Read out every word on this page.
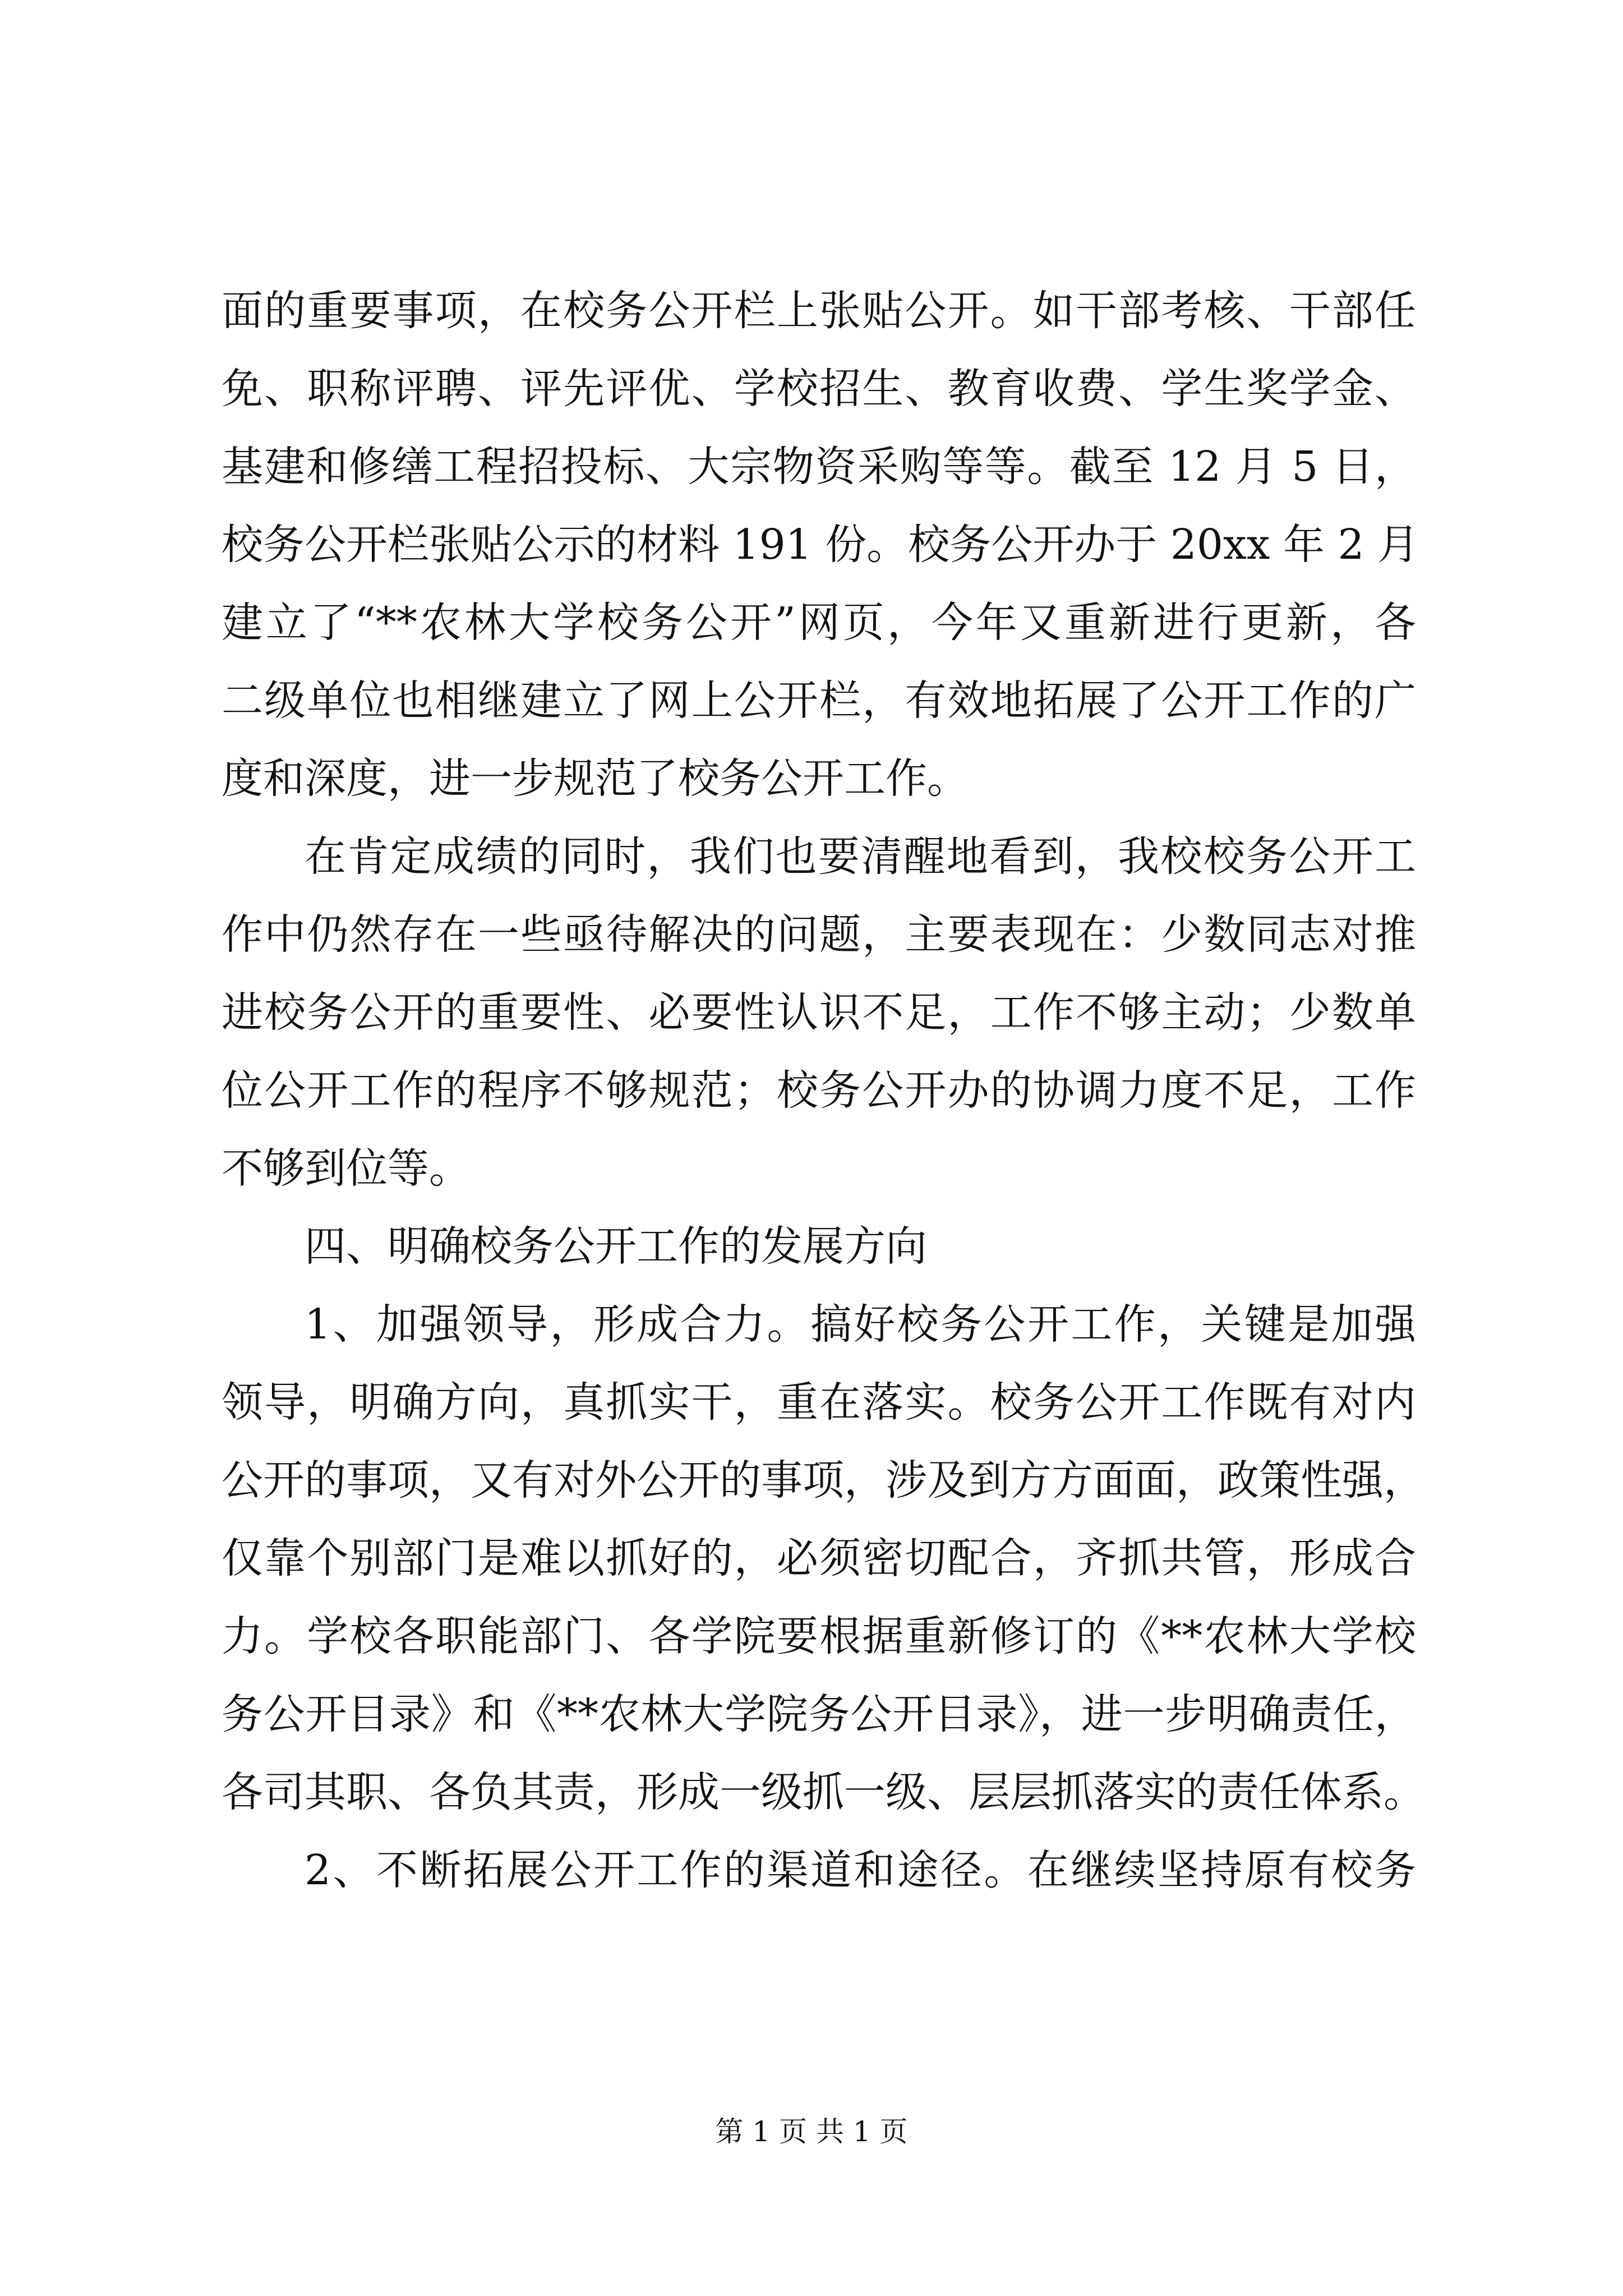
面的重要事项，在校务公开栏上张贴公开。如干部考核、干部任
免、职称评聘、评先评优、学校招生、教育收费、学生奖学金、
基建和修缮工程招投标、大宗物资采购等等。截至 12 月 5 日，
校务公开栏张贴公示的材料 191 份。校务公开办于 20xx 年 2 月
建立了“**农林大学校务公开”网页，今年又重新进行更新，各
二级单位也相继建立了网上公开栏，有效地拓展了公开工作的广
度和深度，进一步规范了校务公开工作。
在肯定成绩的同时，我们也要清醒地看到，我校校务公开工
作中仍然存在一些亟待解决的问题，主要表现在：少数同志对推
进校务公开的重要性、必要性认识不足，工作不够主动；少数单
位公开工作的程序不够规范；校务公开办的协调力度不足，工作
不够到位等。
四、明确校务公开工作的发展方向
1、加强领导，形成合力。搞好校务公开工作，关键是加强
领导，明确方向，真抓实干，重在落实。校务公开工作既有对内
公开的事项，又有对外公开的事项，涉及到方方面面，政策性强，
仅靠个别部门是难以抓好的，必须密切配合，齐抓共管，形成合
力。学校各职能部门、各学院要根据重新修订的《**农林大学校
务公开目录》和《**农林大学院务公开目录》，进一步明确责任，
各司其职、各负其责，形成一级抓一级、层层抓落实的责任体系。
2、不断拓展公开工作的渠道和途径。在继续坚持原有校务
第 1 页 共 1 页
